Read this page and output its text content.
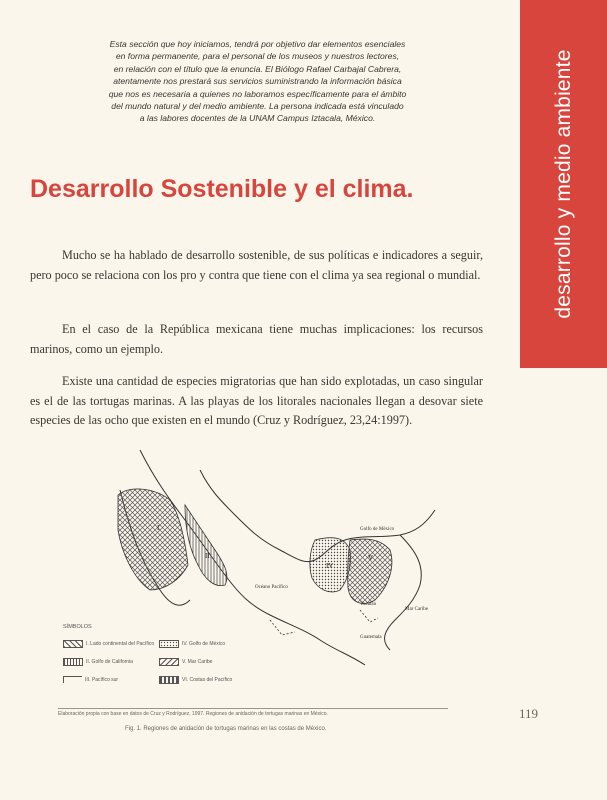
Esta sección que hoy iniciamos, tendrá por objetivo dar elementos esenciales
en forma permanente, para el personal de los museos y nuestros lectores,
en relación con el título que la enuncia. El Biólogo Rafael Carbajal Cabrera,
atentamente nos prestará sus servicios suministrando la información básica
que nos es necesaria a quienes no laboramos específicamente para el ámbito
del mundo natural y del medio ambiente. La persona indicada está vinculado
a las labores docentes de la UNAM Campus Iztacala, México.	desarrollo y medio ambiente
Desarrollo Sostenible y el clima.
Mucho se ha hablado de desarrollo sostenible, de sus políticas e indicadores a seguir, pero poco se relaciona con los pro y contra que tiene con el clima ya sea regional o mundial.
En el caso de la República mexicana tiene muchas implicaciones: los recursos marinos, como un ejemplo.
Existe una cantidad de especies migratorias que han sido explotadas, un caso singular es el de las tortugas marinas. A las playas de los litorales nacionales llegan a desovar siete especies de las ocho que existen en el mundo (Cruz y Rodríguez, 23,24:1997).
I
II
IV
V
Océano Pacífico
Golfo de México
Mar Caribe
Yucatán
Guatemala
SÍMBOLOS
I. Lado continental del Pacífico
II. Golfo de California
III. Pacífico sur
IV. Golfo de México
V. Mar Caribe
VI. Costas del Pacífico
Elaboración propia con base en datos de Cruz y Rodríguez, 1997. Regiones de anidación de tortugas marinas en México.
Fig. 1. Regiones de anidación de tortugas marinas en las costas de México.
119
